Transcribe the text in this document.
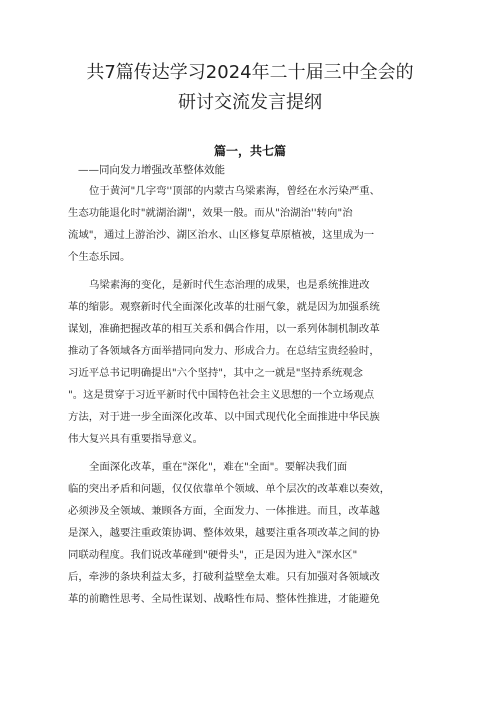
共7篇传达学习2024年二十届三中全会的
研讨交流发言提纲
篇一，共七篇
——同向发力增强改革整体效能
位于黄河"几字弯''顶部的内蒙古乌梁素海，曾经在水污染严重、
生态功能退化时"就湖治湖"，效果一般。而从"治湖治''转向"治
流域"，通过上游治沙、湖区治水、山区修复草原植被，这里成为一
个生态乐园。
乌梁素海的变化，是新时代生态治理的成果，也是系统推进改
革的缩影。观察新时代全面深化改革的壮丽气象，就是因为加强系统
谋划，准确把握改革的相互关系和偶合作用，以一系列体制机制改革
推动了各领域各方面举措同向发力、形成合力。在总结宝贵经验时，
习近平总书记明确提出"六个坚持"，其中之一就是"坚持系统观念
"。这是贯穿于习近平新时代中国特色社会主义思想的一个立场观点
方法，对于进一步全面深化改革、以中国式现代化全面推进中华民族
伟大复兴具有重要指导意义。
全面深化改革，重在"深化"，难在"全面"。要解决我们面
临的突出矛盾和问题，仅仅依靠单个领域、单个层次的改革难以奏效，
必须涉及全领域、兼顾各方面，全面发力、一体推进。而且，改革越
是深入，越要注重政策协调、整体效果，越要注重各项改革之间的协
同联动程度。我们说改革碰到"硬骨头"，正是因为进入"深水区"
后，牵涉的条块利益太多，打破利益壁垒太难。只有加强对各领域改
革的前瞻性思考、全局性谋划、战略性布局、整体性推进，才能避免
